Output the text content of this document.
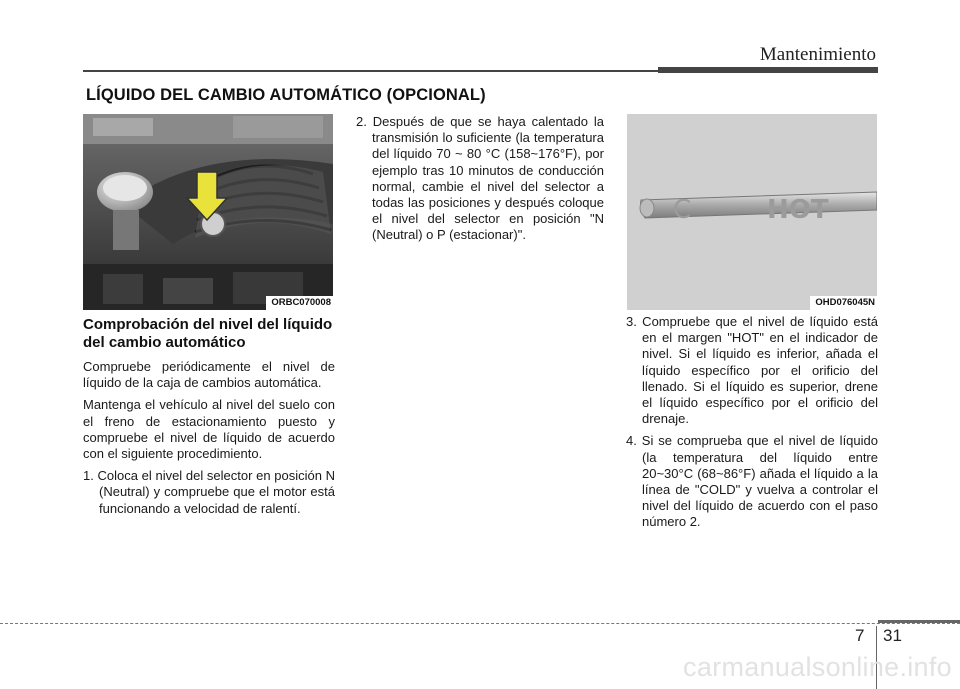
Mantenimiento
LÍQUIDO DEL CAMBIO AUTOMÁTICO (OPCIONAL)
ORBC070008
C	HOT
OHD076045N
Comprobación del nivel del líquido del cambio automático

Compruebe periódicamente el nivel de líquido de la caja de cambios automática.

Mantenga el vehículo al nivel del suelo con el freno de estacionamiento puesto y compruebe el nivel de líquido de acuerdo con el siguiente procedimiento.

1. Coloca el nivel del selector en posición N (Neutral) y compruebe que el motor está funcionando a velocidad de ralentí.
2. Después de que se haya calentado la transmisión lo suficiente (la temperatura del líquido 70 ~ 80 °C (158~176°F), por ejemplo tras 10 minutos de conducción normal, cambie el nivel del selector a todas las posiciones y después coloque el nivel del selector en posición "N (Neutral) o P (estacionar)".
3. Compruebe que el nivel de líquido está en el margen "HOT" en el indicador de nivel. Si el líquido es inferior, añada el líquido específico por el orificio del llenado. Si el líquido es superior, drene el líquido específico por el orificio del drenaje.
4. Si se comprueba que el nivel de líquido (la temperatura del líquido entre 20~30°C (68~86°F) añada el líquido a la línea de "COLD" y vuelva a controlar el nivel del líquido de acuerdo con el paso número 2.
7 31
carmanualsonline.info
